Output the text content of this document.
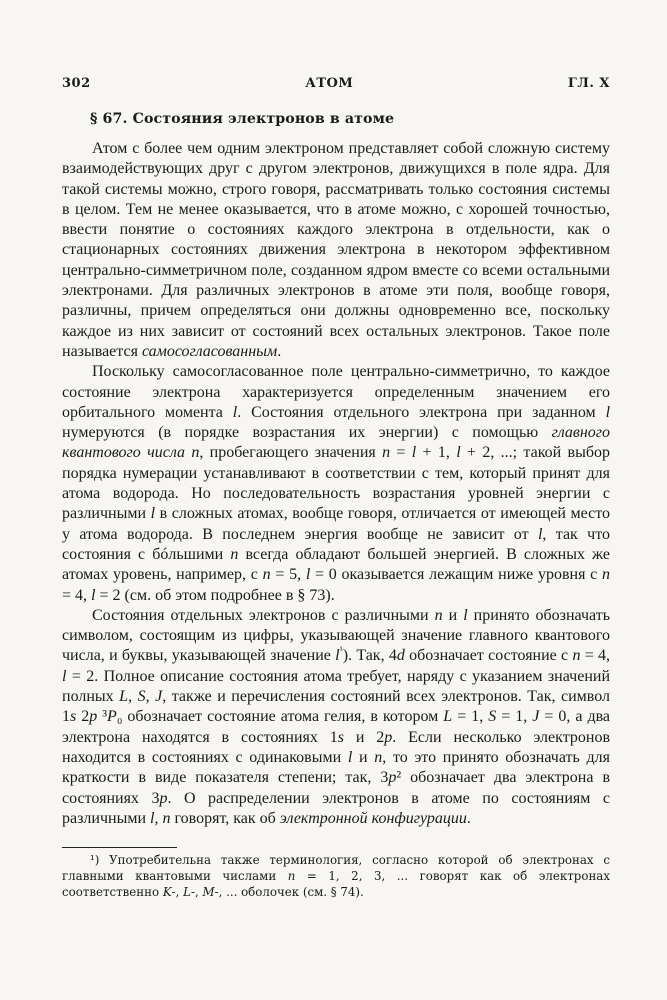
302	АТОМ	ГЛ. X
§ 67. Состояния электронов в атоме

Атом с более чем одним электроном представляет собой сложную систему взаимодействующих друг с другом электронов, движущихся в поле ядра. Для такой системы можно, строго говоря, рассматривать только состояния системы в целом. Тем не менее оказывается, что в атоме можно, с хорошей точностью, ввести понятие о состояниях каждого электрона в отдельности, как о стационарных состояниях движения электрона в некотором эффективном центрально-симметричном поле, созданном ядром вместе со всеми остальными электронами. Для различных электронов в атоме эти поля, вообще говоря, различны, причем определяться они должны одновременно все, поскольку каждое из них зависит от состояний всех остальных электронов. Такое поле называется самосогласованным.

Поскольку самосогласованное поле центрально-симметрично, то каждое состояние электрона характеризуется определенным значением его орбитального момента l. Состояния отдельного электрона при заданном l нумеруются (в порядке возрастания их энергии) с помощью главного квантового числа n, пробегающего значения n = l + 1, l + 2, ...; такой выбор порядка нумерации устанавливают в соответствии с тем, который принят для атома водорода. Но последовательность возрастания уровней энергии с различными l в сложных атомах, вообще говоря, отличается от имеющей место у атома водорода. В последнем энергия вообще не зависит от l, так что состояния с бóльшими n всегда обладают большей энергией. В сложных же атомах уровень, например, с n = 5, l = 0 оказывается лежащим ниже уровня с n = 4, l = 2 (см. об этом подробнее в § 73).

Состояния отдельных электронов с различными n и l принято обозначать символом, состоящим из цифры, указывающей значение главного квантового числа, и буквы, указывающей значение $l^{^1}$). Так, 4d обозначает состояние с n = 4, l = 2. Полное описание состояния атома требует, наряду с указанием значений полных L, S, J, также и перечисления состояний всех электронов. Так, символ 1s 2p ³P₀ обозначает состояние атома гелия, в котором L = 1, S = 1, J = 0, а два электрона находятся в состояниях 1s и 2p. Если несколько электронов находится в состояниях с одинаковыми l и n, то это принято обозначать для краткости в виде показателя степени; так, 3p² обозначает два электрона в состояниях 3p. О распределении электронов в атоме по состояниям с различными l, n говорят, как об электронной конфигурации.

¹) Употребительна также терминология, согласно которой об электронах с главными квантовыми числами n = 1, 2, 3, ... говорят как об электронах соответственно K-, L-, M-, ... оболочек (см. § 74).
